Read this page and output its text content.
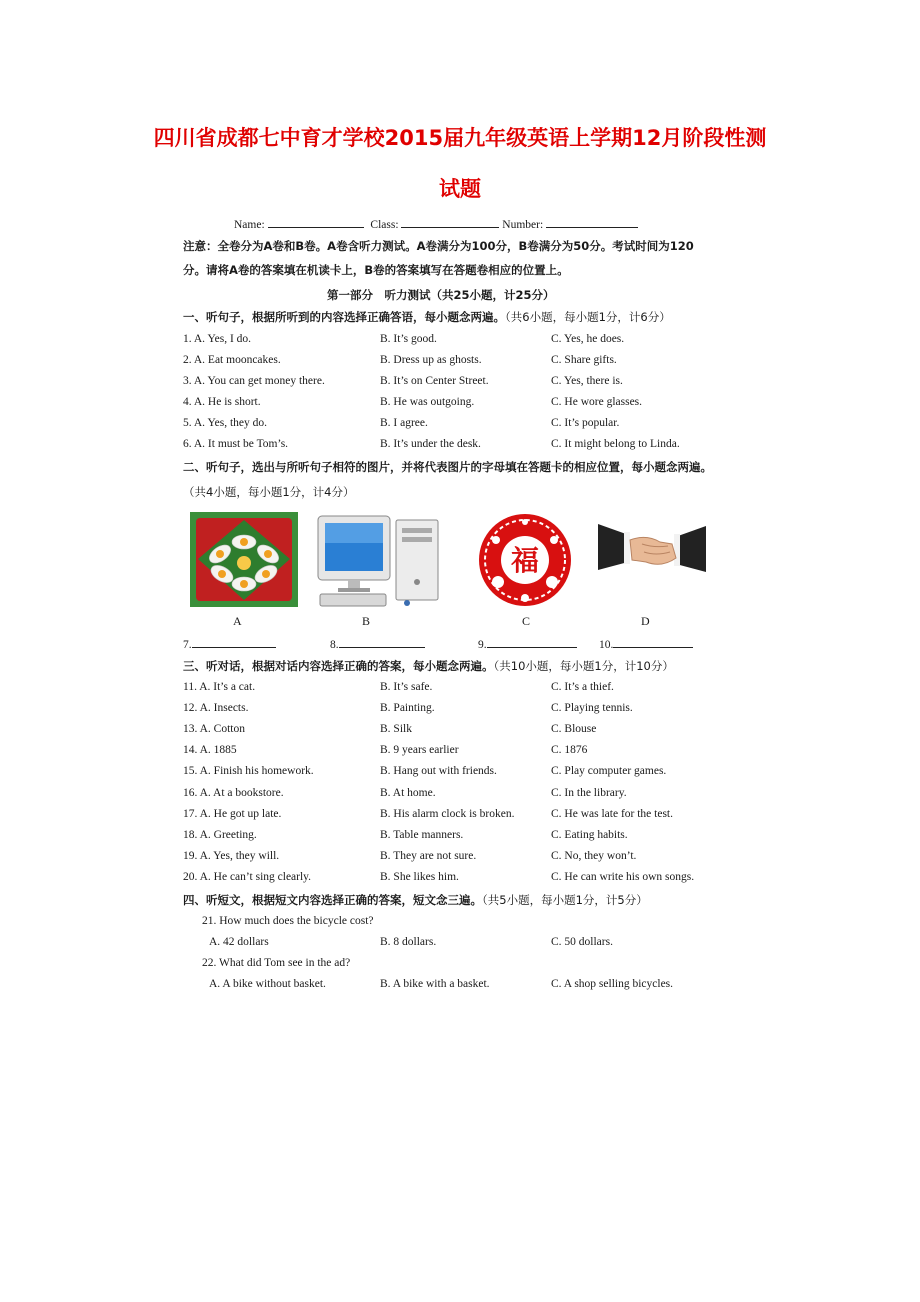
四川省成都七中育才学校2015届九年级英语上学期12月阶段性测
试题
Name:	Class:	Number:
注意：全卷分为A卷和B卷。A卷含听力测试。A卷满分为100分，B卷满分为50分。考试时间为120
分。请将A卷的答案填在机读卡上，B卷的答案填写在答题卷相应的位置上。
第一部分　听力测试（共25小题，计25分）
一、听句子，根据所听到的内容选择正确答语，每小题念两遍。（共6小题，每小题1分，计6分）
1. A. Yes, I do.	B. It’s good.	C. Yes, he does.
2. A. Eat mooncakes.	B. Dress up as ghosts.	C. Share gifts.
3. A. You can get money there.	B. It’s on Center Street.	C. Yes, there is.
4. A. He is short.	B. He was outgoing.	C. He wore glasses.
5. A. Yes, they do.	B. I agree.	C. It’s popular.
6. A. It must be Tom’s.	B. It’s under the desk.	C. It might belong to Linda.
二、听句子，选出与所听句子相符的图片，并将代表图片的字母填在答题卡的相应位置，每小题念两遍。
（共4小题，每小题1分，计4分）
A	B
福
C	D
7.	8.	9.	10.
三、听对话，根据对话内容选择正确的答案，每小题念两遍。（共10小题，每小题1分，计10分）
11. A. It’s a cat.	B. It’s safe.	C. It’s a thief.
12. A. Insects.	B. Painting.	C. Playing tennis.
13. A. Cotton	B. Silk	C. Blouse
14. A. 1885	B. 9 years earlier	C. 1876
15. A. Finish his homework.	B. Hang out with friends.	C. Play computer games.
16. A. At a bookstore.	B. At home.	C. In the library.
17. A. He got up late.	B. His alarm clock is broken.	C. He was late for the test.
18. A. Greeting.	B. Table manners.	C. Eating habits.
19. A. Yes, they will.	B. They are not sure.	C. No, they won’t.
20. A. He can’t sing clearly.	B. She likes him.	C. He can write his own songs.
四、听短文，根据短文内容选择正确的答案，短文念三遍。（共5小题，每小题1分，计5分）
21. How much does the bicycle cost?
A. 42 dollars	B. 8 dollars.	C. 50 dollars.
22. What did Tom see in the ad?
A. A bike without basket.	B. A bike with a basket.	C. A shop selling bicycles.
